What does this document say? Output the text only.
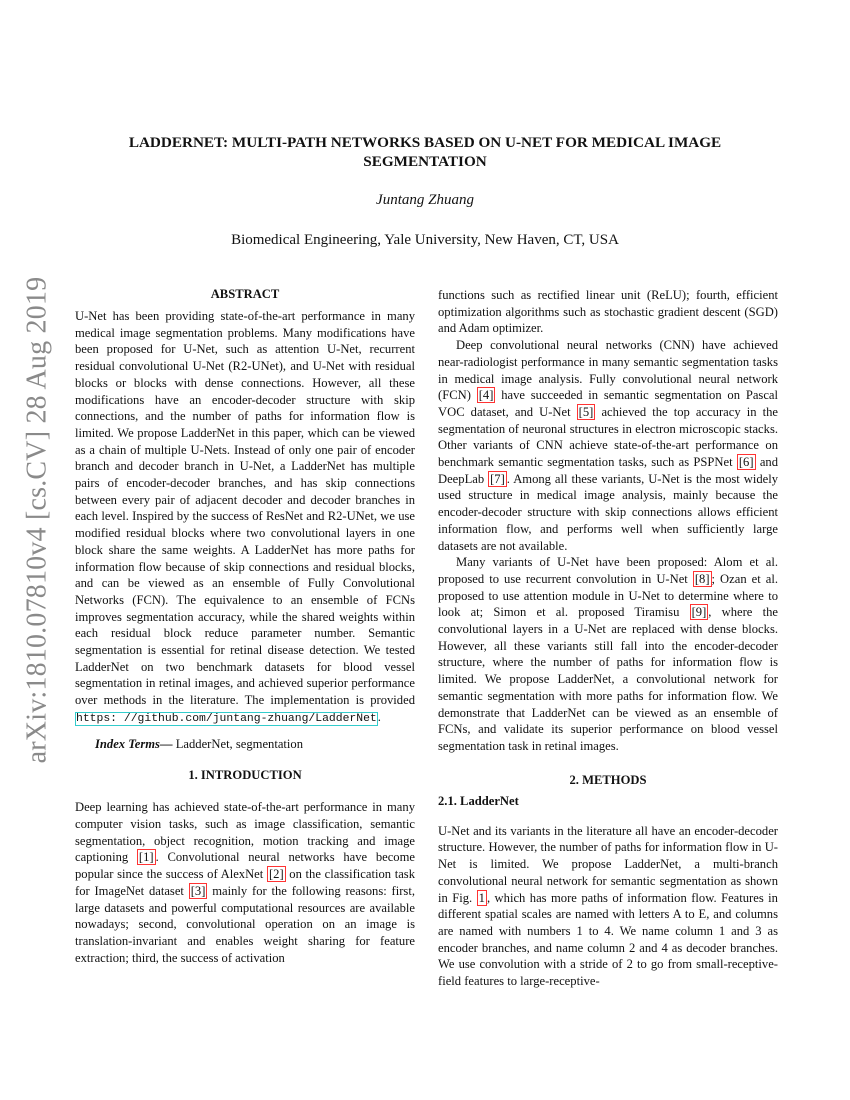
arXiv:1810.07810v4 [cs.CV] 28 Aug 2019
LADDERNET: MULTI-PATH NETWORKS BASED ON U-NET FOR MEDICAL IMAGE
SEGMENTATION
Juntang Zhuang
Biomedical Engineering, Yale University, New Haven, CT, USA

ABSTRACT

U-Net has been providing state-of-the-art performance in many medical image segmentation problems. Many modifications have been proposed for U-Net, such as attention U-Net, recurrent residual convolutional U-Net (R2-UNet), and U-Net with residual blocks or blocks with dense connections. However, all these modifications have an encoder-decoder structure with skip connections, and the number of paths for information flow is limited. We propose LadderNet in this paper, which can be viewed as a chain of multiple U-Nets. Instead of only one pair of encoder branch and decoder branch in U-Net, a LadderNet has multiple pairs of encoder-decoder branches, and has skip connections between every pair of adjacent decoder and decoder branches in each level. Inspired by the success of ResNet and R2-UNet, we use modified residual blocks where two convolutional layers in one block share the same weights. A LadderNet has more paths for information flow because of skip connections and residual blocks, and can be viewed as an ensemble of Fully Convolutional Networks (FCN). The equivalence to an ensemble of FCNs improves segmentation accuracy, while the shared weights within each residual block reduce parameter number. Semantic segmentation is essential for retinal disease detection. We tested LadderNet on two benchmark datasets for blood vessel segmentation in retinal images, and achieved superior performance over methods in the literature. The implementation is provided https: //github.com/juntang-zhuang/LadderNet.

Index Terms— LadderNet, segmentation

1. INTRODUCTION

Deep learning has achieved state-of-the-art performance in many computer vision tasks, such as image classification, semantic segmentation, object recognition, motion tracking and image captioning [1] . Convolutional neural networks have become popular since the success of AlexNet [2] on the classification task for ImageNet dataset [3] mainly for the following reasons: first, large datasets and powerful computational resources are available nowadays; second, convolutional operation on an image is translation-invariant and enables weight sharing for feature extraction; third, the success of activation

functions such as rectified linear unit (ReLU); fourth, efficient optimization algorithms such as stochastic gradient descent (SGD) and Adam optimizer.

Deep convolutional neural networks (CNN) have achieved near-radiologist performance in many semantic segmentation tasks in medical image analysis. Fully convolutional neural network (FCN) [4] have succeeded in semantic segmentation on Pascal VOC dataset, and U-Net [5] achieved the top accuracy in the segmentation of neuronal structures in electron microscopic stacks. Other variants of CNN achieve state-of-the-art performance on benchmark semantic segmentation tasks, such as PSPNet [6] and DeepLab [7] . Among all these variants, U-Net is the most widely used structure in medical image analysis, mainly because the encoder-decoder structure with skip connections allows efficient information flow, and performs well when sufficiently large datasets are not available.

Many variants of U-Net have been proposed: Alom et al. proposed to use recurrent convolution in U-Net [8] ; Ozan et al. proposed to use attention module in U-Net to determine where to look at; Simon et al. proposed Tiramisu [9] , where the convolutional layers in a U-Net are replaced with dense blocks. However, all these variants still fall into the encoder-decoder structure, where the number of paths for information flow is limited. We propose LadderNet, a convolutional network for semantic segmentation with more paths for information flow. We demonstrate that LadderNet can be viewed as an ensemble of FCNs, and validate its superior performance on blood vessel segmentation task in retinal images.

2. METHODS

2.1. LadderNet

U-Net and its variants in the literature all have an encoder-decoder structure. However, the number of paths for information flow in U-Net is limited. We propose LadderNet, a multi-branch convolutional neural network for semantic segmentation as shown in Fig. 1 , which has more paths of information flow. Features in different spatial scales are named with letters A to E, and columns are named with numbers 1 to 4. We name column 1 and 3 as encoder branches, and name column 2 and 4 as decoder branches. We use convolution with a stride of 2 to go from small-receptive-field features to large-receptive-
